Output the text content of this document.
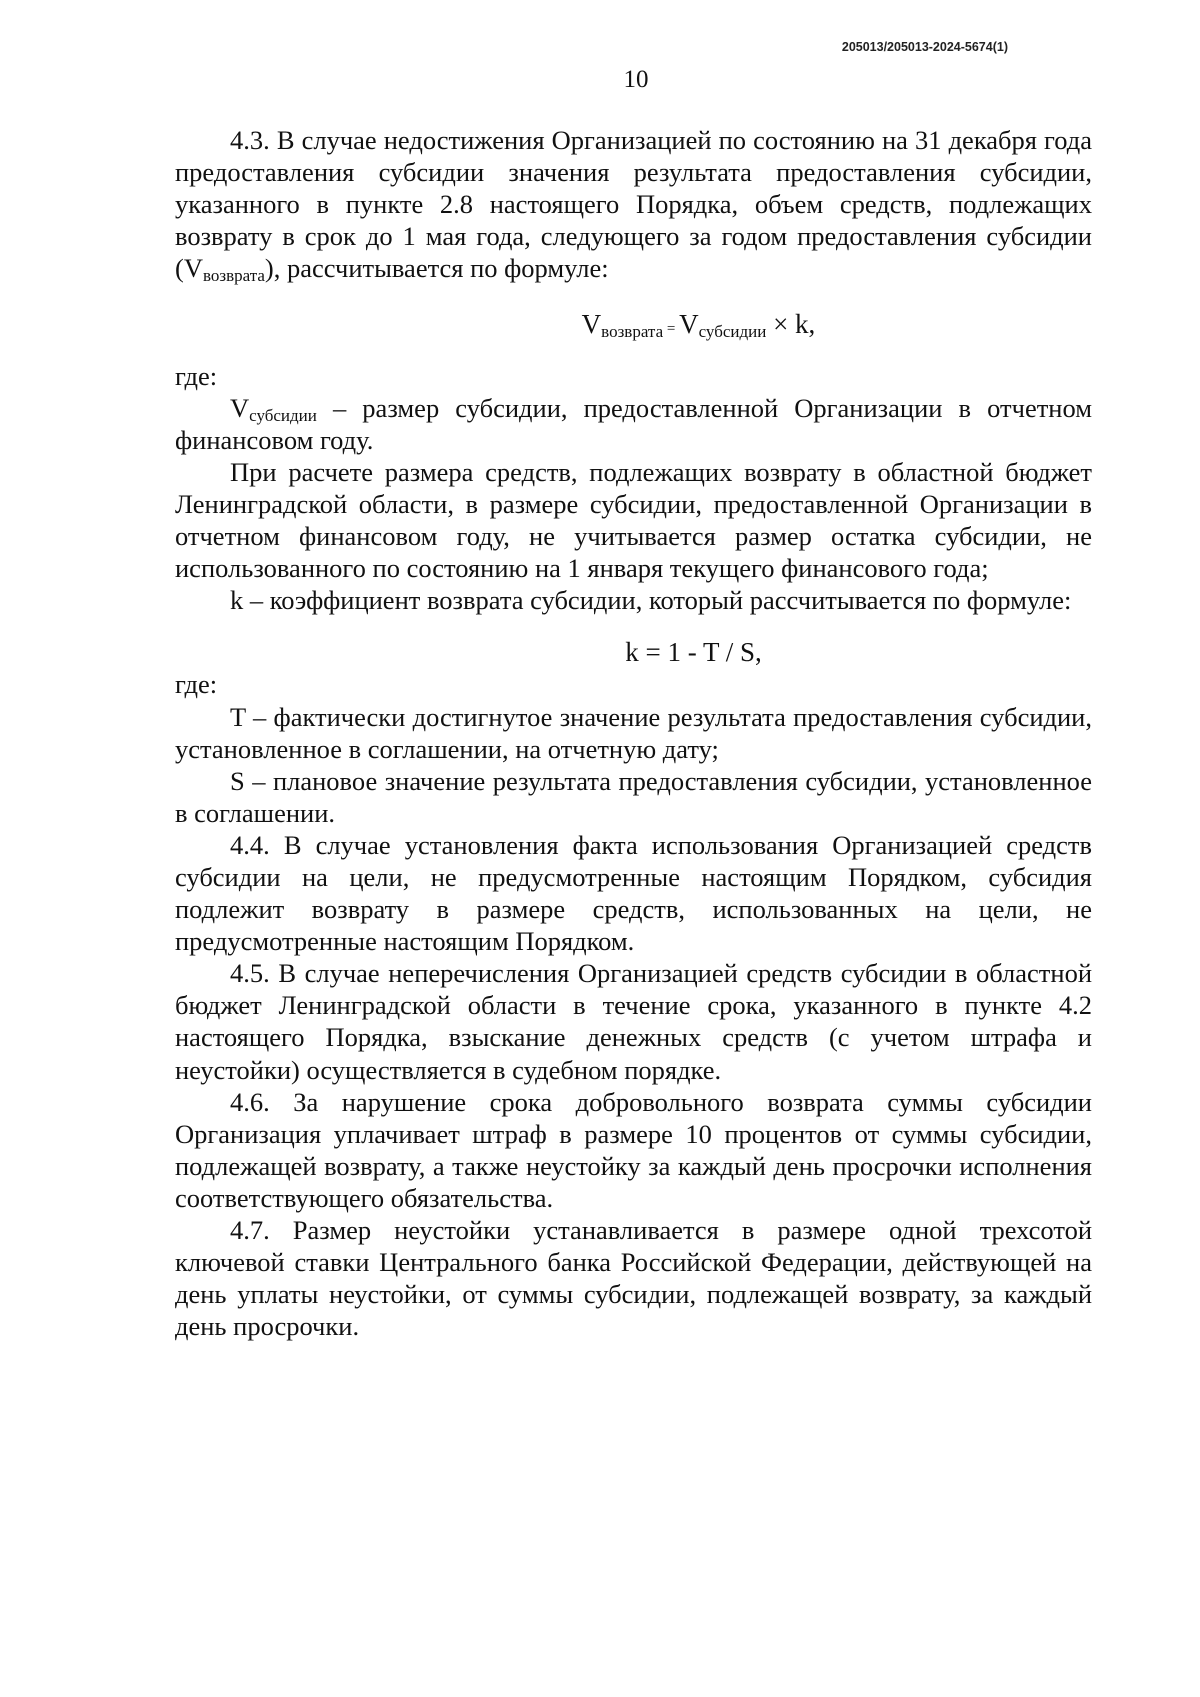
205013/205013-2024-5674(1)
10

4.3. В случае недостижения Организацией по состоянию на 31 декабря года предоставления субсидии значения результата предоставления субсидии, указанного в пункте 2.8 настоящего Порядка, объем средств, подлежащих возврату в срок до 1 мая года, следующего за годом предоставления субсидии $(V_{возврата})$, рассчитывается по формуле:

$V_{возврата} = V_{субсидии} \times k$,

где:

$V_{субсидии}$ – размер субсидии, предоставленной Организации в отчетном финансовом году.

При расчете размера средств, подлежащих возврату в областной бюджет Ленинградской области, в размере субсидии, предоставленной Организации в отчетном финансовом году, не учитывается размер остатка субсидии, не использованного по состоянию на 1 января текущего финансового года;

k – коэффициент возврата субсидии, который рассчитывается по формуле:

k = 1 - T / S,

где:

T – фактически достигнутое значение результата предоставления субсидии, установленное в соглашении, на отчетную дату;

S – плановое значение результата предоставления субсидии, установленное в соглашении.

4.4. В случае установления факта использования Организацией средств субсидии на цели, не предусмотренные настоящим Порядком, субсидия подлежит возврату в размере средств, использованных на цели, не предусмотренные настоящим Порядком.

4.5. В случае неперечисления Организацией средств субсидии в областной бюджет Ленинградской области в течение срока, указанного в пункте 4.2 настоящего Порядка, взыскание денежных средств (с учетом штрафа и неустойки) осуществляется в судебном порядке.

4.6. За нарушение срока добровольного возврата суммы субсидии Организация уплачивает штраф в размере 10 процентов от суммы субсидии, подлежащей возврату, а также неустойку за каждый день просрочки исполнения соответствующего обязательства.

4.7. Размер неустойки устанавливается в размере одной трехсотой ключевой ставки Центрального банка Российской Федерации, действующей на день уплаты неустойки, от суммы субсидии, подлежащей возврату, за каждый день просрочки.
